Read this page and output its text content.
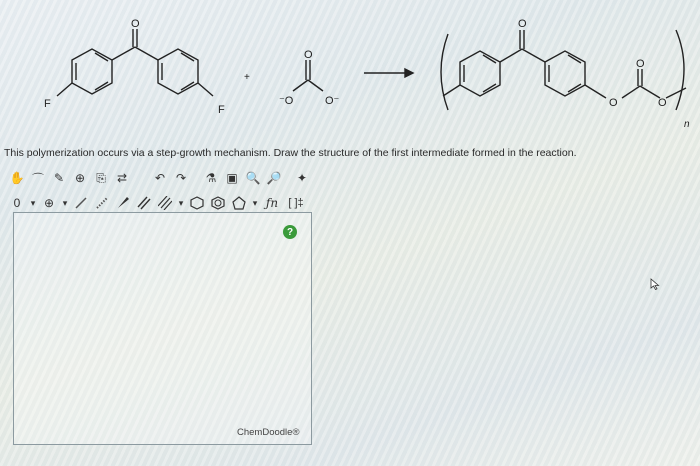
O
F	F
+
O
⁻O	O⁻
O
O
O	O
n
This polymerization occurs via a step-growth mechanism. Draw the structure of the first intermediate formed in the reaction.
✋ ⌒ ✎ ⊕ ⎘ ⇄	↶ ↷	⚗ ▣ 🔍 🔎	✦
0	▾ ⊕ ▾	▾	▾ ƒn [ ]‡
?
ChemDoodle®
